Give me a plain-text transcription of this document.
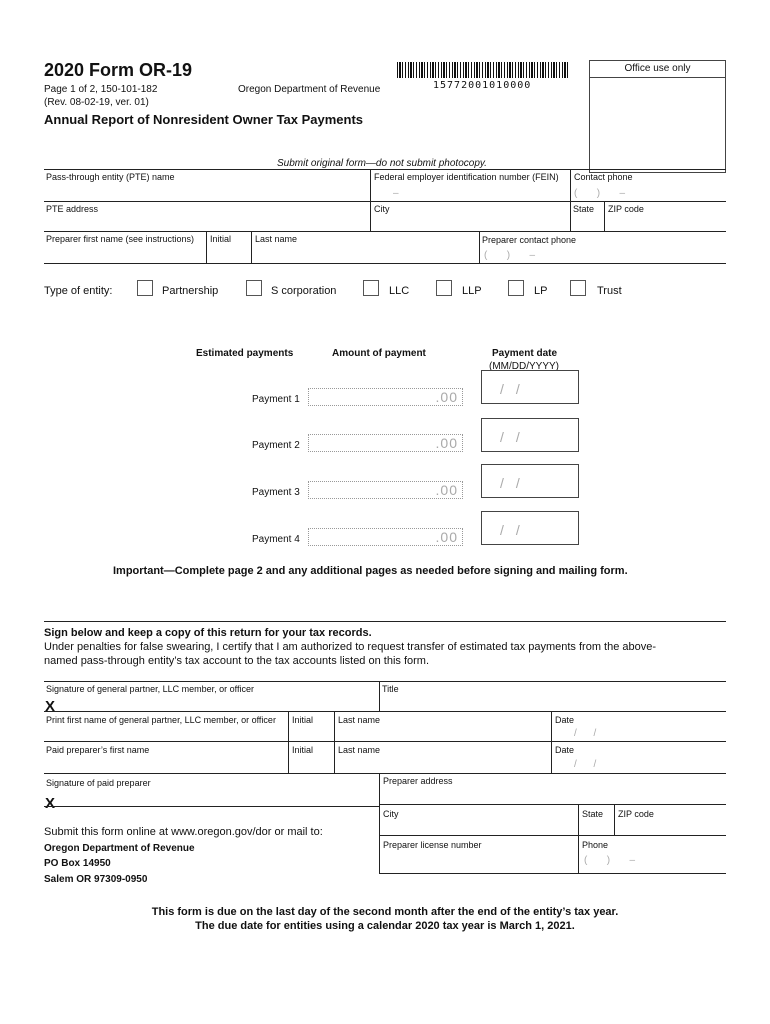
2020 Form OR-19
Page 1 of 2, 150-101-182
(Rev. 08-02-19, ver. 01)
Oregon Department of Revenue	15772001010000
Office use only
Annual Report of Nonresident Owner Tax Payments
Submit original form—do not submit photocopy.
Pass-through entity (PTE) name	Federal employer identification number (FEIN)
–
Contact phone
(       )       –
PTE address	City	State ZIP code
Preparer first name (see instructions) Initial	Last name	Preparer contact phone
(       )       –
Type of entity:	Partnership	S corporation	LLC	LLP	LP	Trust
Estimated payments	Amount of payment	Payment date
(MM/DD/YYYY)
Payment 1	.00	//
Payment 2	.00	//
Payment 3	.00	//
Payment 4	.00	//
Important—Complete page 2 and any additional pages as needed before signing and mailing form.
Sign below and keep a copy of this return for your tax records.
Under penalties for false swearing, I certify that I am authorized to request transfer of estimated tax payments from the above-
named pass-through entity’s tax account to the tax accounts listed on this form.
Signature of general partner, LLC member, or officer	Title
X
Print first name of general partner, LLC member, or officer Initial	Last name	Date
/ /
Paid preparer’s first name	Initial	Last name	Date
/ /
Signature of paid preparer	Preparer address
X
City	State ZIP code
Preparer license number	Phone
(       )       –
Submit this form online at www.oregon.gov/dor or mail to:
Oregon Department of Revenue
PO Box 14950
Salem OR 97309-0950
This form is due on the last day of the second month after the end of the entity’s tax year.
The due date for entities using a calendar 2020 tax year is March 1, 2021.
